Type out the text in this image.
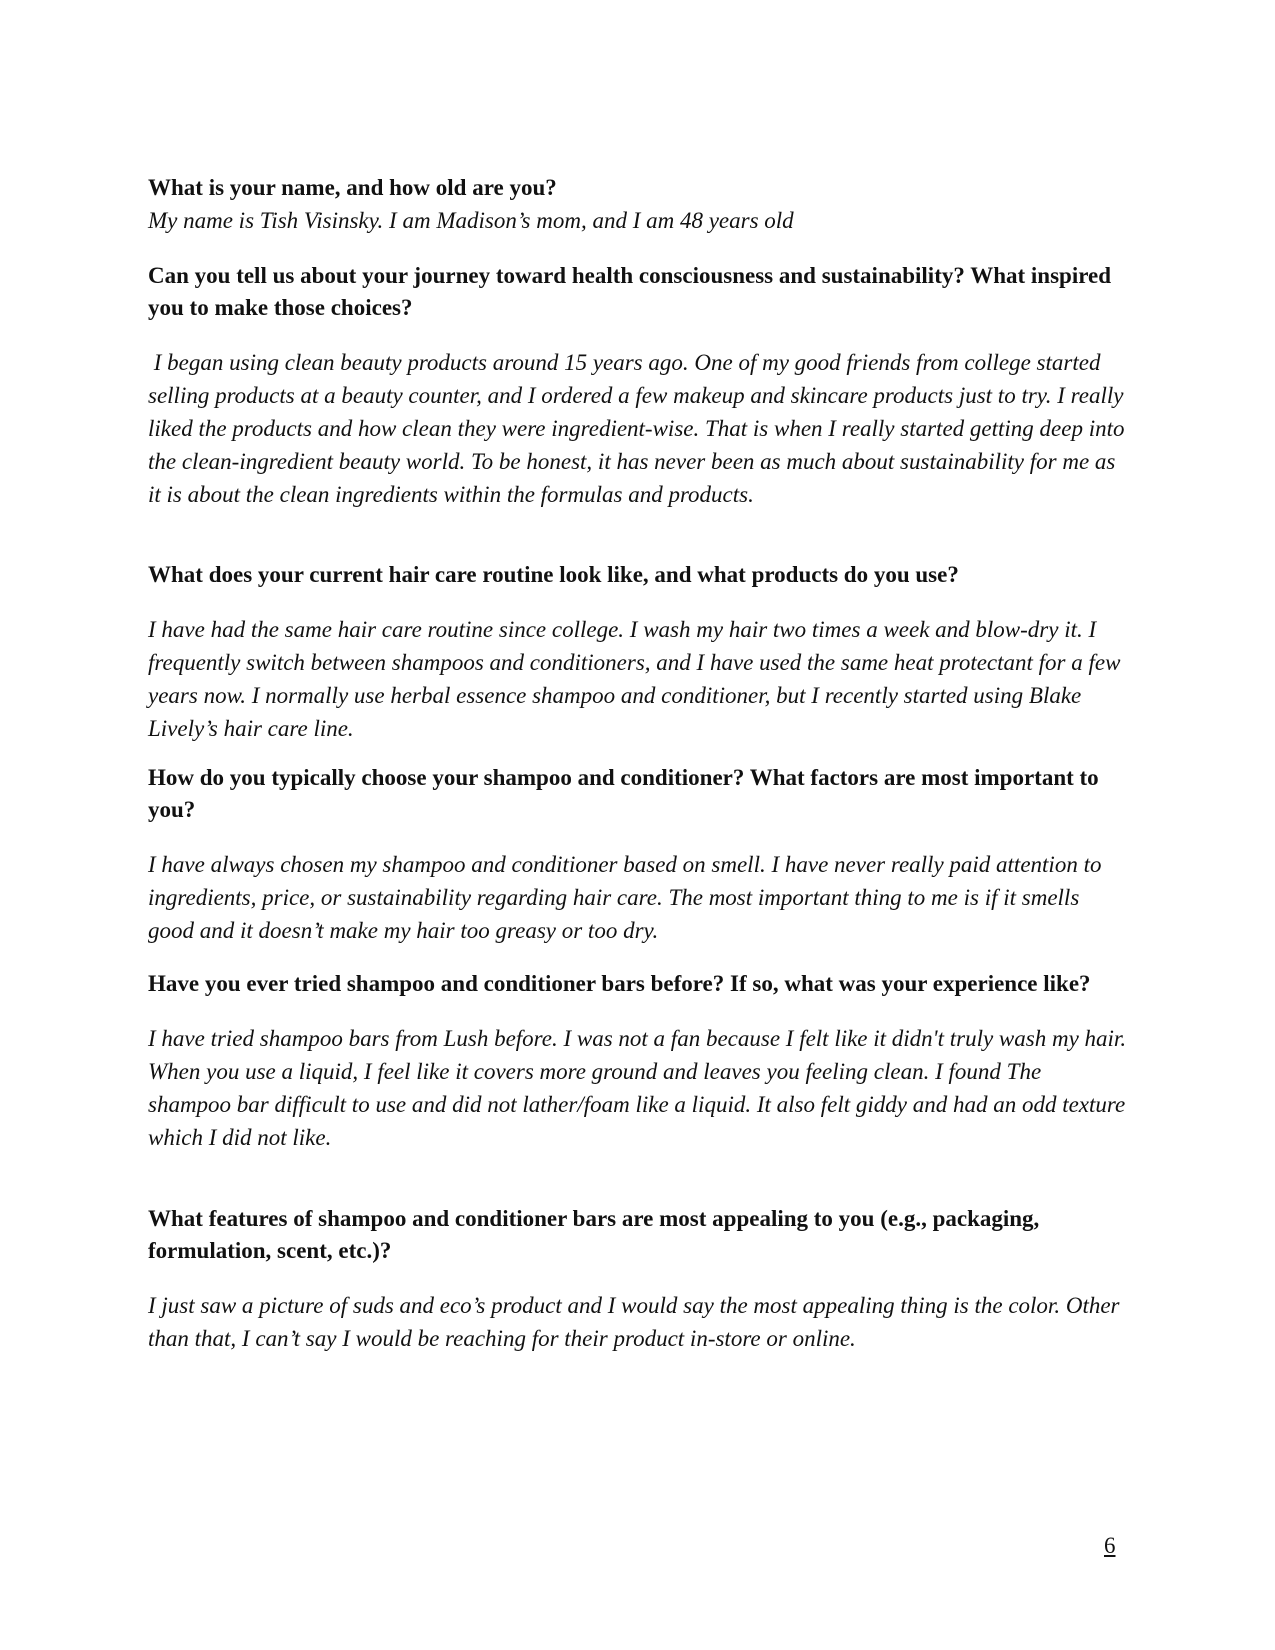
What is your name, and how old are you?

My name is Tish Visinsky. I am Madison’s mom, and I am 48 years old

Can you tell us about your journey toward health consciousness and sustainability? What inspired you to make those choices?

I began using clean beauty products around 15 years ago. One of my good friends from college started selling products at a beauty counter, and I ordered a few makeup and skincare products just to try. I really liked the products and how clean they were ingredient-wise. That is when I really started getting deep into the clean-ingredient beauty world. To be honest, it has never been as much about sustainability for me as it is about the clean ingredients within the formulas and products.

What does your current hair care routine look like, and what products do you use?

I have had the same hair care routine since college. I wash my hair two times a week and blow-dry it. I frequently switch between shampoos and conditioners, and I have used the same heat protectant for a few years now. I normally use herbal essence shampoo and conditioner, but I recently started using Blake Lively’s hair care line.

How do you typically choose your shampoo and conditioner? What factors are most important to you?

I have always chosen my shampoo and conditioner based on smell. I have never really paid attention to ingredients, price, or sustainability regarding hair care. The most important thing to me is if it smells good and it doesn’t make my hair too greasy or too dry.

Have you ever tried shampoo and conditioner bars before? If so, what was your experience like?

I have tried shampoo bars from Lush before. I was not a fan because I felt like it didn't truly wash my hair. When you use a liquid, I feel like it covers more ground and leaves you feeling clean. I found The shampoo bar difficult to use and did not lather/foam like a liquid. It also felt giddy and had an odd texture which I did not like.

What features of shampoo and conditioner bars are most appealing to you (e.g., packaging, formulation, scent, etc.)?

I just saw a picture of suds and eco’s product and I would say the most appealing thing is the color. Other than that, I can’t say I would be reaching for their product in-store or online.

6
